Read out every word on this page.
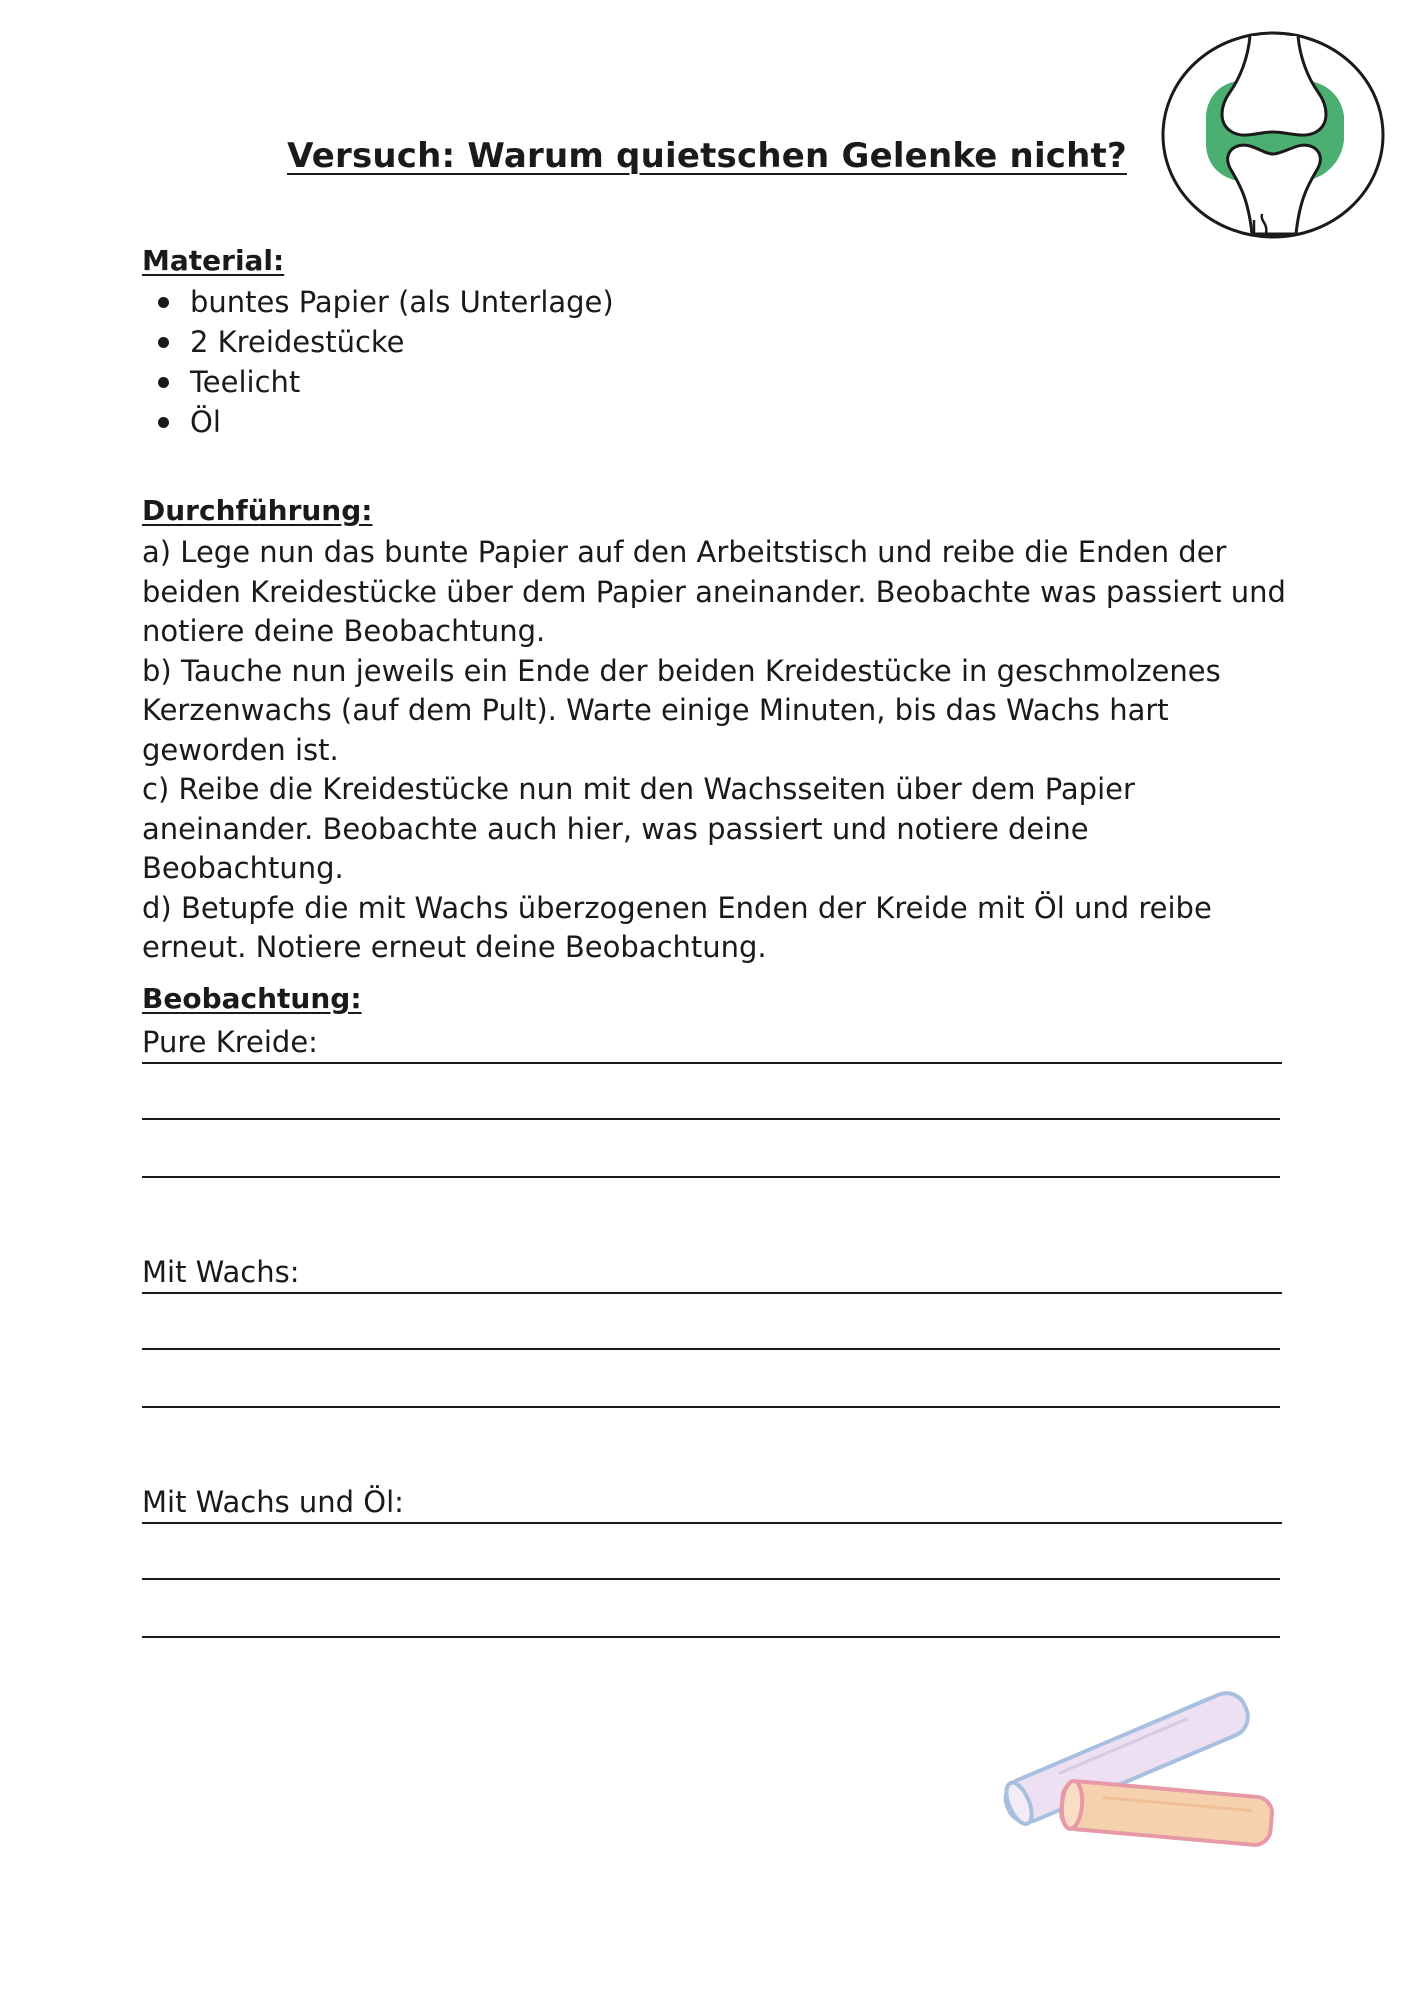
Versuch: Warum quietschen Gelenke nicht?
Material:
buntes Papier (als Unterlage)
2 Kreidestücke
Teelicht
Öl
Durchführung:

a) Lege nun das bunte Papier auf den Arbeitstisch und reibe die Enden der beiden Kreidestücke über dem Papier aneinander. Beobachte was passiert und notiere deine Beobachtung.

b) Tauche nun jeweils ein Ende der beiden Kreidestücke in geschmolzenes Kerzenwachs (auf dem Pult). Warte einige Minuten, bis das Wachs hart geworden ist.

c) Reibe die Kreidestücke nun mit den Wachsseiten über dem Papier aneinander. Beobachte auch hier, was passiert und notiere deine Beobachtung.

d) Betupfe die mit Wachs überzogenen Enden der Kreide mit Öl und reibe erneut. Notiere erneut deine Beobachtung.

Beobachtung:
Pure Kreide:
Mit Wachs:
Mit Wachs und Öl:
